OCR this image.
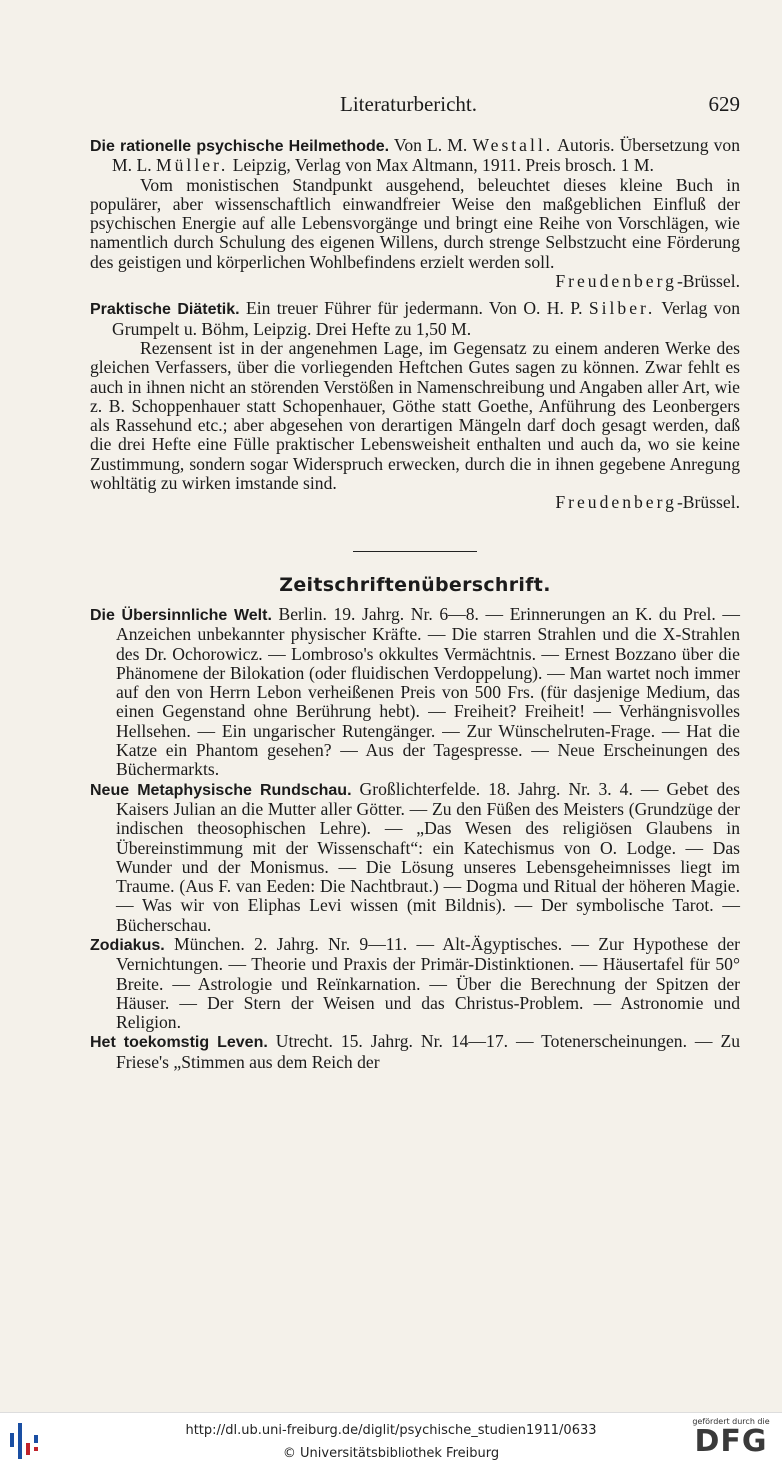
Literaturbericht.	629
Die rationelle psychische Heilmethode. Von L. M. Westall. Autoris. Übersetzung von M. L. Müller. Leipzig, Verlag von Max Altmann, 1911. Preis brosch. 1 M.
Vom monistischen Standpunkt ausgehend, beleuchtet dieses kleine Buch in populärer, aber wissenschaftlich einwandfreier Weise den maßgeblichen Einfluß der psychischen Energie auf alle Lebensvorgänge und bringt eine Reihe von Vorschlägen, wie namentlich durch Schulung des eigenen Willens, durch strenge Selbstzucht eine Förderung des geistigen und körperlichen Wohlbefindens erzielt werden soll.
Freudenberg-Brüssel.
Praktische Diätetik. Ein treuer Führer für jedermann. Von O. H. P. Silber. Verlag von Grumpelt u. Böhm, Leipzig. Drei Hefte zu 1,50 M.
Rezensent ist in der angenehmen Lage, im Gegensatz zu einem anderen Werke des gleichen Verfassers, über die vorliegenden Heftchen Gutes sagen zu können. Zwar fehlt es auch in ihnen nicht an störenden Verstößen in Namenschreibung und Angaben aller Art, wie z. B. Schoppenhauer statt Schopenhauer, Göthe statt Goethe, Anführung des Leonbergers als Rassehund etc.; aber abgesehen von derartigen Mängeln darf doch gesagt werden, daß die drei Hefte eine Fülle praktischer Lebensweisheit enthalten und auch da, wo sie keine Zustimmung, sondern sogar Widerspruch erwecken, durch die in ihnen gegebene Anregung wohltätig zu wirken imstande sind.
Freudenberg-Brüssel.
Zeitschriftenüberschrift.
Die Übersinnliche Welt. Berlin. 19. Jahrg. Nr. 6—8. — Erinnerungen an K. du Prel. — Anzeichen unbekannter physischer Kräfte. — Die starren Strahlen und die X-Strahlen des Dr. Ochorowicz. — Lombroso's okkultes Vermächtnis. — Ernest Bozzano über die Phänomene der Bilokation (oder fluidischen Verdoppelung). — Man wartet noch immer auf den von Herrn Lebon verheißenen Preis von 500 Frs. (für dasjenige Medium, das einen Gegenstand ohne Berührung hebt). — Freiheit? Freiheit! — Verhängnisvolles Hellsehen. — Ein ungarischer Rutengänger. — Zur Wünschelruten-Frage. — Hat die Katze ein Phantom gesehen? — Aus der Tagespresse. — Neue Erscheinungen des Büchermarkts.
Neue Metaphysische Rundschau. Großlichterfelde. 18. Jahrg. Nr. 3. 4. — Gebet des Kaisers Julian an die Mutter aller Götter. — Zu den Füßen des Meisters (Grundzüge der indischen theosophischen Lehre). — „Das Wesen des religiösen Glaubens in Übereinstimmung mit der Wissenschaft“: ein Katechismus von O. Lodge. — Das Wunder und der Monismus. — Die Lösung unseres Lebensgeheimnisses liegt im Traume. (Aus F. van Eeden: Die Nachtbraut.) — Dogma und Ritual der höheren Magie. — Was wir von Eliphas Levi wissen (mit Bildnis). — Der symbolische Tarot. — Bücherschau.
Zodiakus. München. 2. Jahrg. Nr. 9—11. — Alt-Ägyptisches. — Zur Hypothese der Vernichtungen. — Theorie und Praxis der Primär-Distinktionen. — Häusertafel für 50° Breite. — Astrologie und Reïnkarnation. — Über die Berechnung der Spitzen der Häuser. — Der Stern der Weisen und das Christus-Problem. — Astronomie und Religion.
Het toekomstig Leven. Utrecht. 15. Jahrg. Nr. 14—17. — Totenerscheinungen. — Zu Friese's „Stimmen aus dem Reich der
http://dl.ub.uni-freiburg.de/diglit/psychische_studien1911/0633
© Universitätsbibliothek Freiburg
gefördert durch die
DFG
